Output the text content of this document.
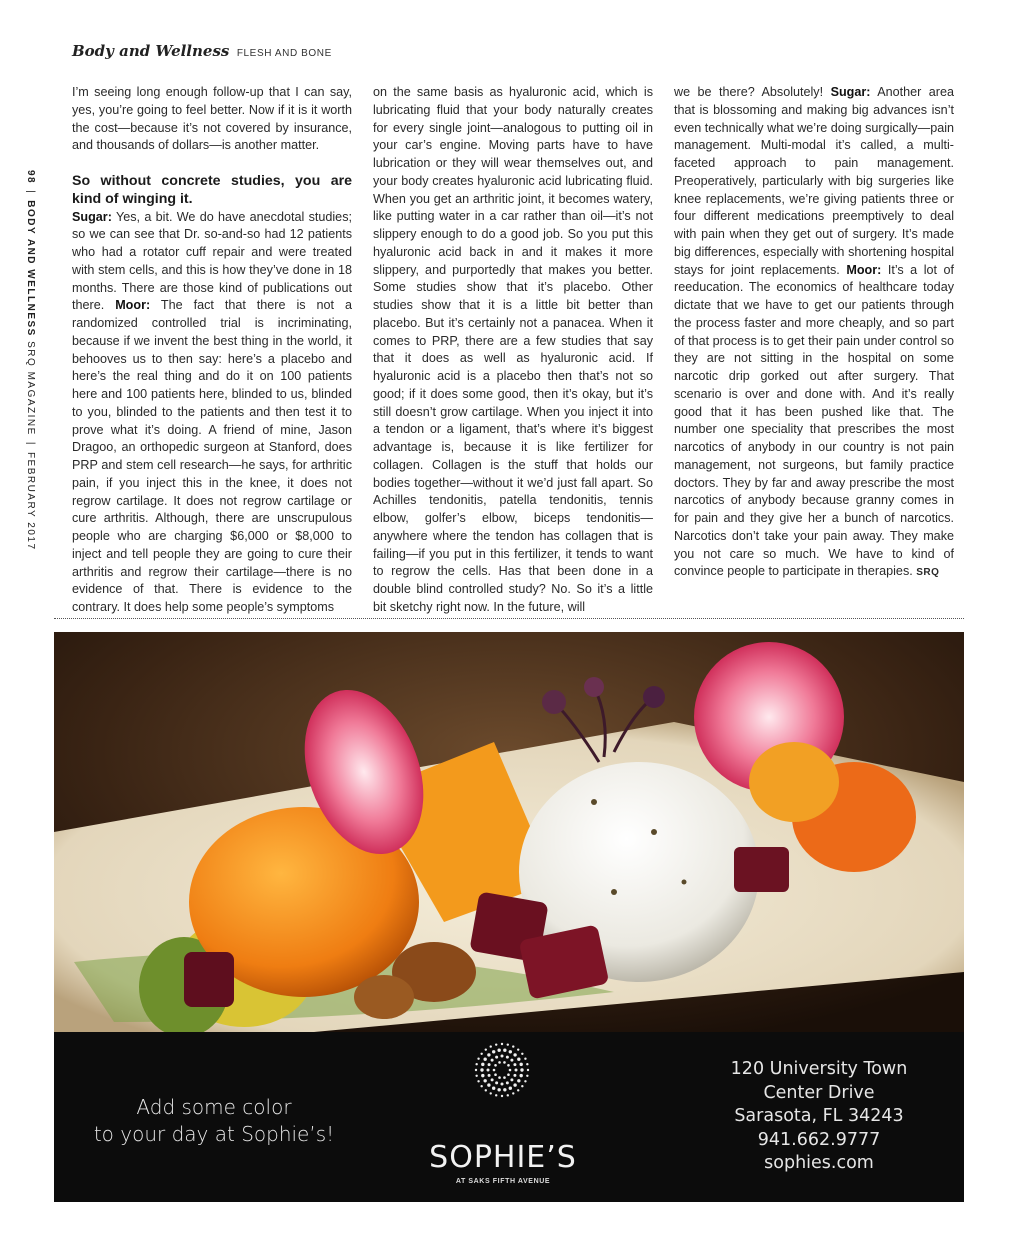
Body and Wellness FLESH AND BONE
98|BODY AND WELLNESS SRQ MAGAZINE|FEBRUARY 2017

I’m seeing long enough follow-up that I can say, yes, you’re going to feel better. Now if it is it worth the cost—because it’s not covered by insurance, and thousands of dollars—is another matter.

So without concrete studies, you are kind of winging it. Sugar: Yes, a bit. We do have anecdotal studies; so we can see that Dr. so-and-so had 12 patients who had a rotator cuff repair and were treated with stem cells, and this is how they’ve done in 18 months. There are those kind of publications out there. Moor: The fact that there is not a randomized controlled trial is incriminating, because if we invent the best thing in the world, it behooves us to then say: here’s a placebo and here’s the real thing and do it on 100 patients here and 100 patients here, blinded to us, blinded to you, blinded to the patients and then test it to prove what it’s doing. A friend of mine, Jason Dragoo, an orthopedic surgeon at Stanford, does PRP and stem cell research—he says, for arthritic pain, if you inject this in the knee, it does not regrow cartilage. It does not regrow cartilage or cure arthritis. Although, there are unscrupulous people who are charging $6,000 or $8,000 to inject and tell people they are going to cure their arthritis and regrow their cartilage—there is no evidence of that. There is evidence to the contrary. It does help some people’s symptoms

on the same basis as hyaluronic acid, which is lubricating fluid that your body naturally creates for every single joint—analogous to putting oil in your car’s engine. Moving parts have to have lubrication or they will wear themselves out, and your body creates hyaluronic acid lubricating fluid. When you get an arthritic joint, it becomes watery, like putting water in a car rather than oil—it’s not slippery enough to do a good job. So you put this hyaluronic acid back in and it makes it more slippery, and purportedly that makes you better. Some studies show that it’s placebo. Other studies show that it is a little bit better than placebo. But it’s certainly not a panacea. When it comes to PRP, there are a few studies that say that it does as well as hyaluronic acid. If hyaluronic acid is a placebo then that’s not so good; if it does some good, then it’s okay, but it’s still doesn’t grow cartilage. When you inject it into a tendon or a ligament, that’s where it’s biggest advantage is, because it is like fertilizer for collagen. Collagen is the stuff that holds our bodies together—without it we’d just fall apart. So Achilles tendonitis, patella tendonitis, tennis elbow, golfer’s elbow, biceps tendonitis—anywhere where the tendon has collagen that is failing—if you put in this fertilizer, it tends to want to regrow the cells. Has that been done in a double blind controlled study? No. So it’s a little bit sketchy right now. In the future, will

we be there? Absolutely! Sugar: Another area that is blossoming and making big advances isn’t even technically what we’re doing surgically—pain management. Multi-modal it’s called, a multi-faceted approach to pain management. Preoperatively, particularly with big surgeries like knee replacements, we’re giving patients three or four different medications preemptively to deal with pain when they get out of surgery. It’s made big differences, especially with shortening hospital stays for joint replacements. Moor: It’s a lot of reeducation. The economics of healthcare today dictate that we have to get our patients through the process faster and more cheaply, and so part of that process is to get their pain under control so they are not sitting in the hospital on some narcotic drip gorked out after surgery. That scenario is over and done with. And it’s really good that it has been pushed like that. The number one speciality that prescribes the most narcotics of anybody in our country is not pain management, not surgeons, but family practice doctors. They by far and away prescribe the most narcotics of anybody because granny comes in for pain and they give her a bunch of narcotics. Narcotics don’t take your pain away. They make you not care so much. We have to kind of convince people to participate in therapies. SRQ

Add some color
to your day at Sophie’s!
SOPHIE’S
AT SAKS FIFTH AVENUE
120 University Town
Center Drive
Sarasota, FL 34243
941.662.9777
sophies.com
